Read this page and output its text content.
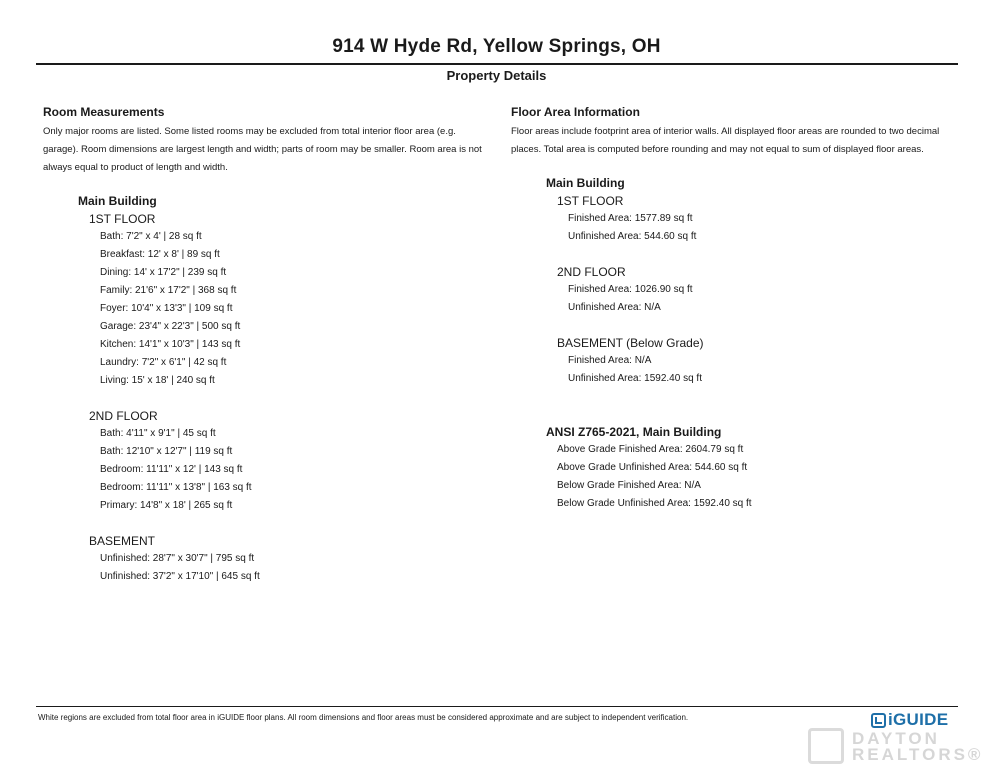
914 W Hyde Rd, Yellow Springs, OH
Property Details
Room Measurements

Only major rooms are listed. Some listed rooms may be excluded from total interior floor area (e.g. garage). Room dimensions are largest length and width; parts of room may be smaller. Room area is not always equal to product of length and width.

Main Building
1ST FLOOR
Bath: 7'2" x 4' | 28 sq ft
Breakfast: 12' x 8' | 89 sq ft
Dining: 14' x 17'2" | 239 sq ft
Family: 21'6" x 17'2" | 368 sq ft
Foyer: 10'4" x 13'3" | 109 sq ft
Garage: 23'4" x 22'3" | 500 sq ft
Kitchen: 14'1" x 10'3" | 143 sq ft
Laundry: 7'2" x 6'1" | 42 sq ft
Living: 15' x 18' | 240 sq ft
2ND FLOOR
Bath: 4'11" x 9'1" | 45 sq ft
Bath: 12'10" x 12'7" | 119 sq ft
Bedroom: 11'11" x 12' | 143 sq ft
Bedroom: 11'11" x 13'8" | 163 sq ft
Primary: 14'8" x 18' | 265 sq ft
BASEMENT
Unfinished: 28'7" x 30'7" | 795 sq ft
Unfinished: 37'2" x 17'10" | 645 sq ft
Floor Area Information

Floor areas include footprint area of interior walls. All displayed floor areas are rounded to two decimal places. Total area is computed before rounding and may not equal to sum of displayed floor areas.

Main Building
1ST FLOOR
Finished Area: 1577.89 sq ft
Unfinished Area: 544.60 sq ft
2ND FLOOR
Finished Area: 1026.90 sq ft
Unfinished Area: N/A
BASEMENT (Below Grade)
Finished Area: N/A
Unfinished Area: 1592.40 sq ft
ANSI Z765-2021, Main Building
Above Grade Finished Area: 2604.79 sq ft
Above Grade Unfinished Area: 544.60 sq ft
Below Grade Finished Area: N/A
Below Grade Unfinished Area: 1592.40 sq ft
White regions are excluded from total floor area in iGUIDE floor plans. All room dimensions and floor areas must be considered approximate and are subject to independent verification.	iGUIDE
DAYTON
REALTORS®
